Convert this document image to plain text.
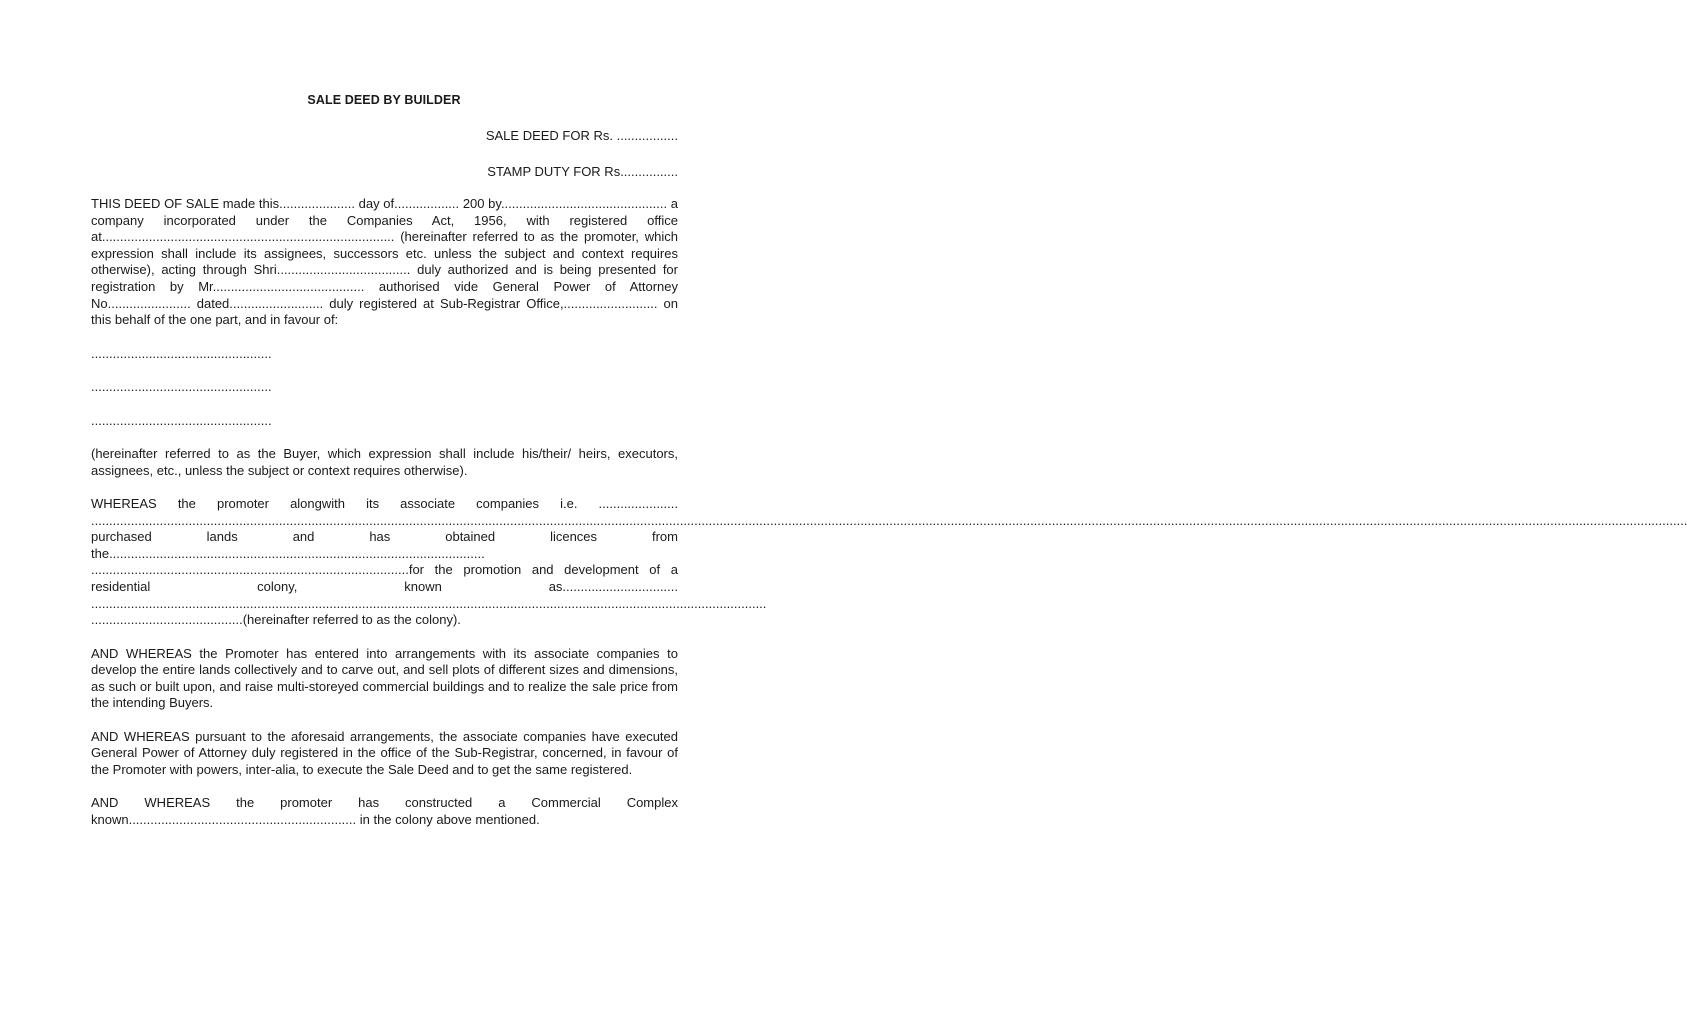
SALE DEED BY BUILDER
SALE DEED FOR Rs. .................
STAMP DUTY FOR Rs................

THIS DEED OF SALE made this..................... day of.................. 200 by.............................................. a company incorporated under the Companies Act, 1956, with registered office at................................................................................. (hereinafter referred to as the promoter, which expression shall include its assignees, successors etc. unless the subject and context requires otherwise), acting through Shri..................................... duly authorized and is being presented for registration by Mr.......................................... authorised vide General Power of Attorney No....................... dated.......................... duly registered at Sub-Registrar Office,.......................... on this behalf of the one part, and in favour of:

..................................................
..................................................
..................................................

(hereinafter referred to as the Buyer, which expression shall include his/their/ heirs, executors, assignees, etc., unless the subject or context requires otherwise).

WHEREAS the promoter alongwith its associate companies i.e. ...................... .......................................................................................................................................................................................................................................................................................................................................................................................................................................................... purchased lands and has obtained licences from the........................................................................................................ ........................................................................................for the promotion and development of a residential colony, known as................................ ........................................................................................................................................................................................... ..........................................(hereinafter referred to as the colony).

AND WHEREAS the Promoter has entered into arrangements with its associate companies to develop the entire lands collectively and to carve out, and sell plots of different sizes and dimensions, as such or built upon, and raise multi-storeyed commercial buildings and to realize the sale price from the intending Buyers.

AND WHEREAS pursuant to the aforesaid arrangements, the associate companies have executed General Power of Attorney duly registered in the office of the Sub-Registrar, concerned, in favour of the Promoter with powers, inter-alia, to execute the Sale Deed and to get the same registered.

AND WHEREAS the promoter has constructed a Commercial Complex known............................................................... in the colony above mentioned.
